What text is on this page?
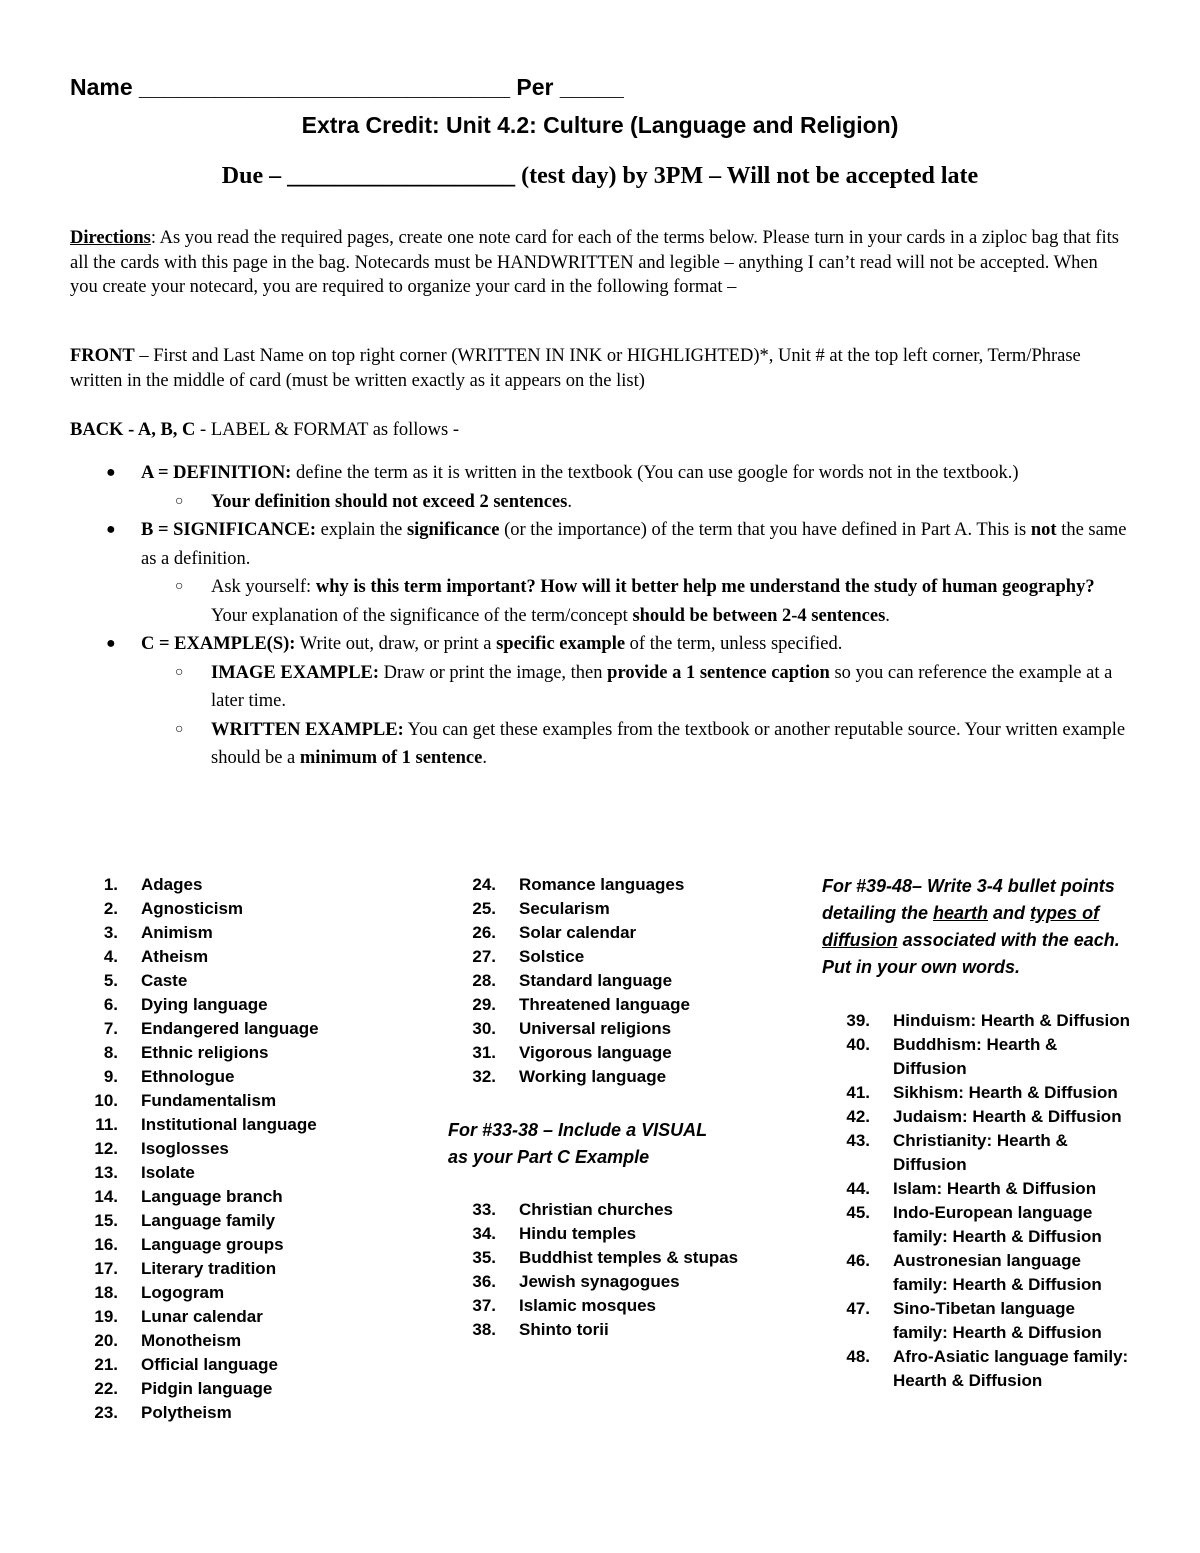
Name _____________________________ Per _____
Extra Credit: Unit 4.2: Culture (Language and Religion)
Due – ___________________ (test day) by 3PM – Will not be accepted late
Directions: As you read the required pages, create one note card for each of the terms below. Please turn in your cards in a ziploc bag that fits all the cards with this page in the bag. Notecards must be HANDWRITTEN and legible – anything I can’t read will not be accepted. When you create your notecard, you are required to organize your card in the following format –
FRONT – First and Last Name on top right corner (WRITTEN IN INK or HIGHLIGHTED)*, Unit # at the top left corner, Term/Phrase written in the middle of card (must be written exactly as it appears on the list)
BACK - A, B, C - LABEL & FORMAT as follows -
● A = DEFINITION: define the term as it is written in the textbook (You can use google for words not in the textbook.)
○ Your definition should not exceed 2 sentences.
● B = SIGNIFICANCE: explain the significance (or the importance) of the term that you have defined in Part A. This is not the same as a definition.
○ Ask yourself: why is this term important? How will it better help me understand the study of human geography? Your explanation of the significance of the term/concept should be between 2-4 sentences.
● C = EXAMPLE(S): Write out, draw, or print a specific example of the term, unless specified.
○ IMAGE EXAMPLE: Draw or print the image, then provide a 1 sentence caption so you can reference the example at a later time.
○ WRITTEN EXAMPLE: You can get these examples from the textbook or another reputable source. Your written example should be a minimum of 1 sentence.
1. Adages
2. Agnosticism
3. Animism
4. Atheism
5. Caste
6. Dying language
7. Endangered language
8. Ethnic religions
9. Ethnologue
10. Fundamentalism
11. Institutional language
12. Isoglosses
13. Isolate
14. Language branch
15. Language family
16. Language groups
17. Literary tradition
18. Logogram
19. Lunar calendar
20. Monotheism
21. Official language
22. Pidgin language
23. Polytheism
24. Romance languages
25. Secularism
26. Solar calendar
27. Solstice
28. Standard language
29. Threatened language
30. Universal religions
31. Vigorous language
32. Working language
For #33-38 – Include a VISUAL as your Part C Example
33. Christian churches
34. Hindu temples
35. Buddhist temples & stupas
36. Jewish synagogues
37. Islamic mosques
38. Shinto torii
For #39-48– Write 3-4 bullet points detailing the hearth and types of diffusion associated with the each. Put in your own words.
39. Hinduism: Hearth & Diffusion
40. Buddhism: Hearth &
Diffusion
41. Sikhism: Hearth & Diffusion
42. Judaism: Hearth & Diffusion
43. Christianity: Hearth &
Diffusion
44. Islam: Hearth & Diffusion
45. Indo-European language
family: Hearth & Diffusion
46. Austronesian language
family: Hearth & Diffusion
47. Sino-Tibetan language
family: Hearth & Diffusion
48. Afro-Asiatic language family:
Hearth & Diffusion
